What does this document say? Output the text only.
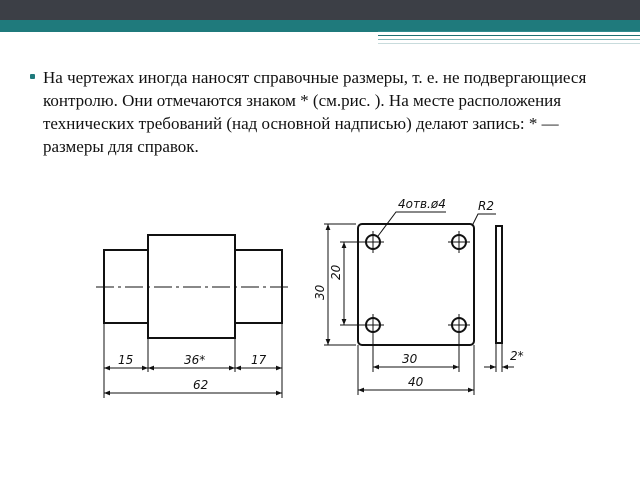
На чертежах иногда наносят справочные размеры, т. е. не подвергающиеся контролю. Они отмечаются знаком * (см.рис. ). На месте расположения технических требований (над основной надписью) делают запись: * — размеры для справок.

15	36*	17
62
4отв.ø4	R2
30
20
30
40
2*
